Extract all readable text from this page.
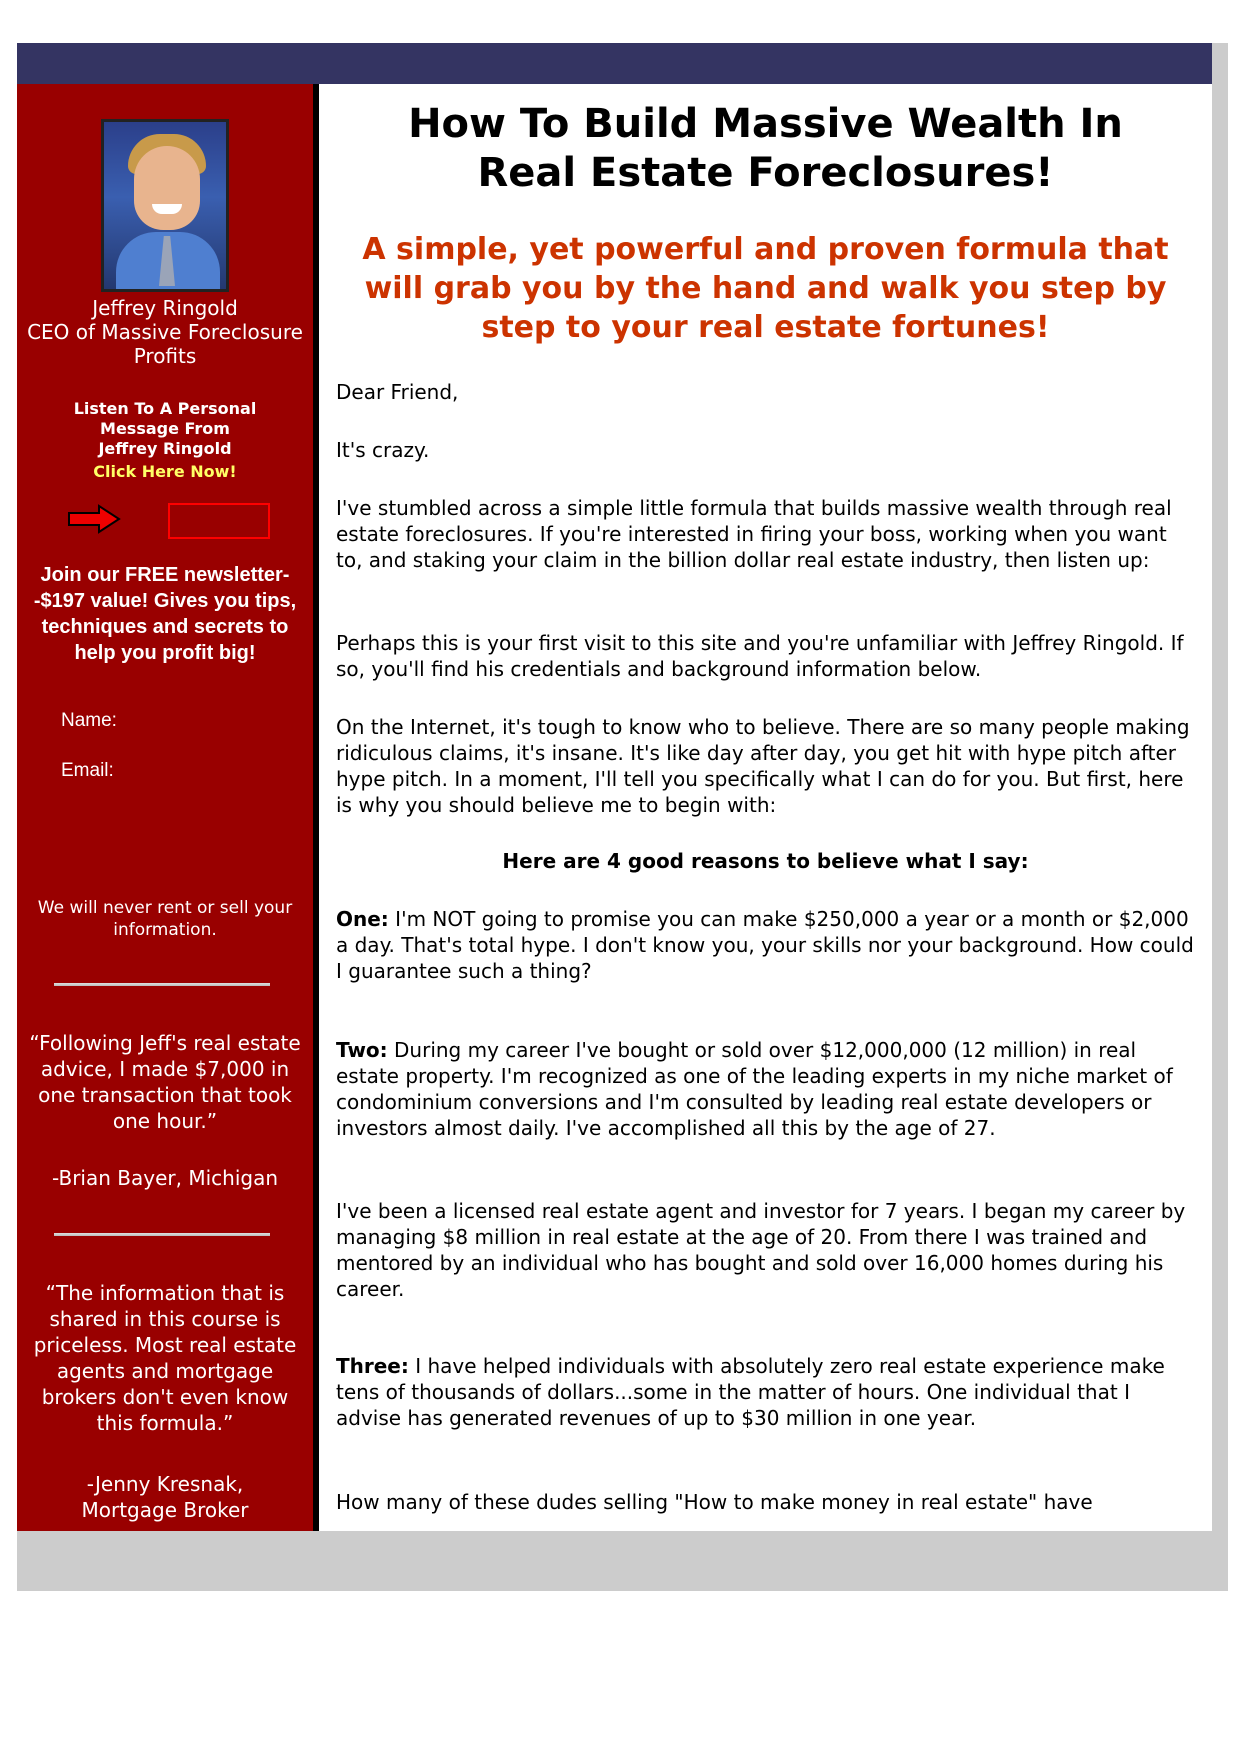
Jeffrey Ringold
CEO of Massive Foreclosure Profits
Listen To A Personal
Message From
Jeffrey Ringold
Click Here Now!
Join our FREE newsletter--$197 value! Gives you tips, techniques and secrets to help you profit big!
Name:
Email:
We will never rent or sell your information.
“Following Jeff's real estate advice, I made $7,000 in one transaction that took one hour.”
-Brian Bayer, Michigan
“The information that is shared in this course is priceless. Most real estate agents and mortgage brokers don't even know this formula.”
-Jenny Kresnak,
Mortgage Broker
How To Build Massive Wealth In Real Estate Foreclosures!
A simple, yet powerful and proven formula that will grab you by the hand and walk you step by step to your real estate fortunes!
Dear Friend,
It's crazy.
I've stumbled across a simple little formula that builds massive wealth through real estate foreclosures. If you're interested in firing your boss, working when you want to, and staking your claim in the billion dollar real estate industry, then listen up:
Perhaps this is your first visit to this site and you're unfamiliar with Jeffrey Ringold. If so, you'll find his credentials and background information below.
On the Internet, it's tough to know who to believe. There are so many people making ridiculous claims, it's insane. It's like day after day, you get hit with hype pitch after hype pitch. In a moment, I'll tell you specifically what I can do for you. But first, here is why you should believe me to begin with:
Here are 4 good reasons to believe what I say:
One: I'm NOT going to promise you can make $250,000 a year or a month or $2,000 a day. That's total hype. I don't know you, your skills nor your background. How could I guarantee such a thing?
Two: During my career I've bought or sold over $12,000,000 (12 million) in real estate property. I'm recognized as one of the leading experts in my niche market of condominium conversions and I'm consulted by leading real estate developers or investors almost daily. I've accomplished all this by the age of 27.
I've been a licensed real estate agent and investor for 7 years. I began my career by managing $8 million in real estate at the age of 20. From there I was trained and mentored by an individual who has bought and sold over 16,000 homes during his career.
Three: I have helped individuals with absolutely zero real estate experience make tens of thousands of dollars...some in the matter of hours. One individual that I advise has generated revenues of up to $30 million in one year.
How many of these dudes selling "How to make money in real estate" have
